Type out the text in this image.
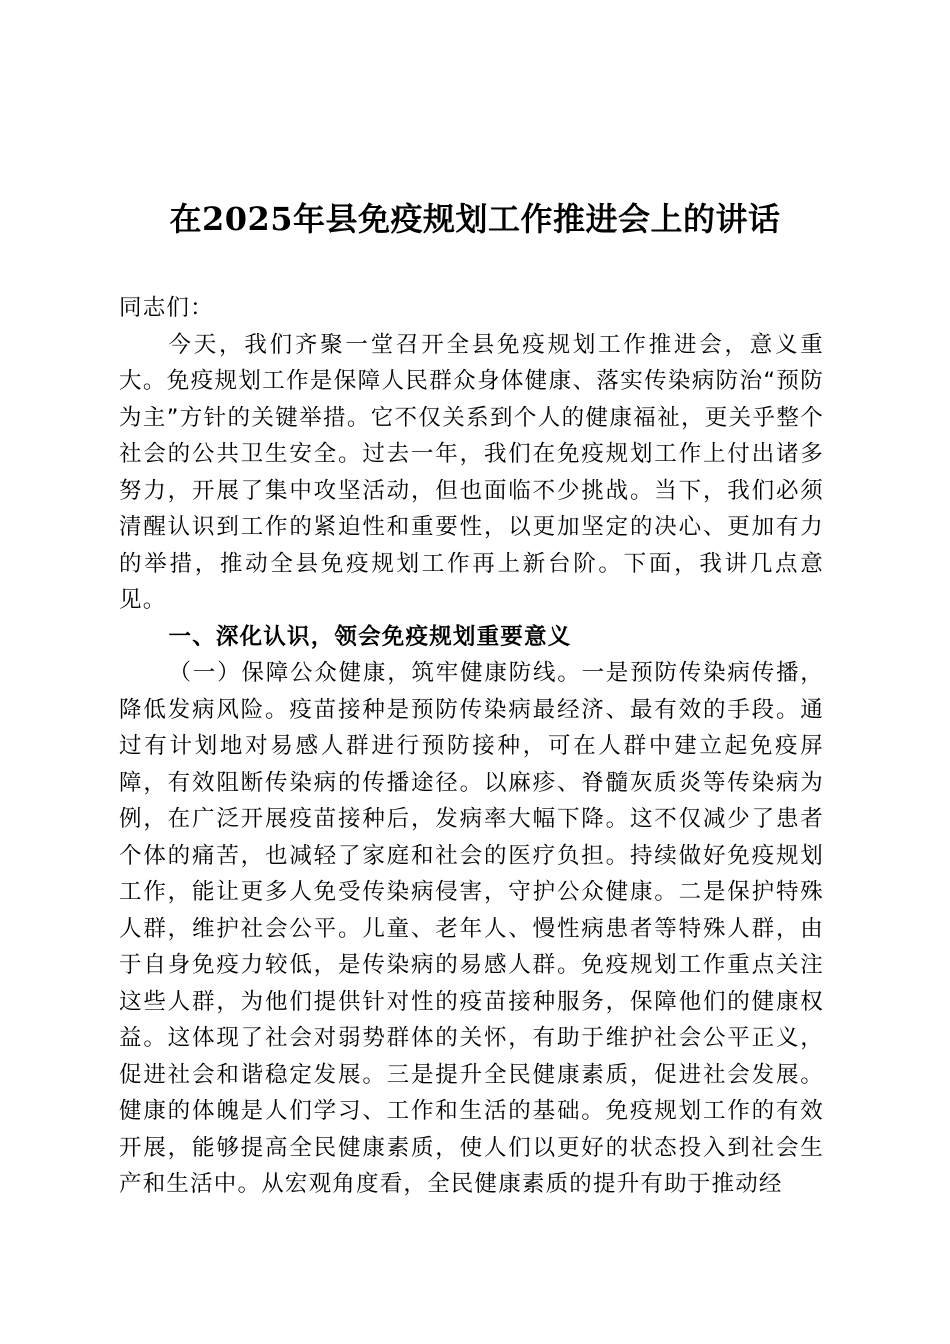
在2025年县免疫规划工作推进会上的讲话

同志们：

今天，我们齐聚一堂召开全县免疫规划工作推进会，意义重大。免疫规划工作是保障人民群众身体健康、落实传染病防治“预防为主”方针的关键举措。它不仅关系到个人的健康福祉，更关乎整个社会的公共卫生安全。过去一年，我们在免疫规划工作上付出诸多努力，开展了集中攻坚活动，但也面临不少挑战。当下，我们必须清醒认识到工作的紧迫性和重要性，以更加坚定的决心、更加有力的举措，推动全县免疫规划工作再上新台阶。下面，我讲几点意见。

一、深化认识，领会免疫规划重要意义

（一）保障公众健康，筑牢健康防线。一是预防传染病传播，降低发病风险。疫苗接种是预防传染病最经济、最有效的手段。通过有计划地对易感人群进行预防接种，可在人群中建立起免疫屏障，有效阻断传染病的传播途径。以麻疹、脊髓灰质炎等传染病为例，在广泛开展疫苗接种后，发病率大幅下降。这不仅减少了患者个体的痛苦，也减轻了家庭和社会的医疗负担。持续做好免疫规划工作，能让更多人免受传染病侵害，守护公众健康。二是保护特殊人群，维护社会公平。儿童、老年人、慢性病患者等特殊人群，由于自身免疫力较低，是传染病的易感人群。免疫规划工作重点关注这些人群，为他们提供针对性的疫苗接种服务，保障他们的健康权益。这体现了社会对弱势群体的关怀，有助于维护社会公平正义，促进社会和谐稳定发展。三是提升全民健康素质，促进社会发展。健康的体魄是人们学习、工作和生活的基础。免疫规划工作的有效开展，能够提高全民健康素质，使人们以更好的状态投入到社会生产和生活中。从宏观角度看，全民健康素质的提升有助于推动经
